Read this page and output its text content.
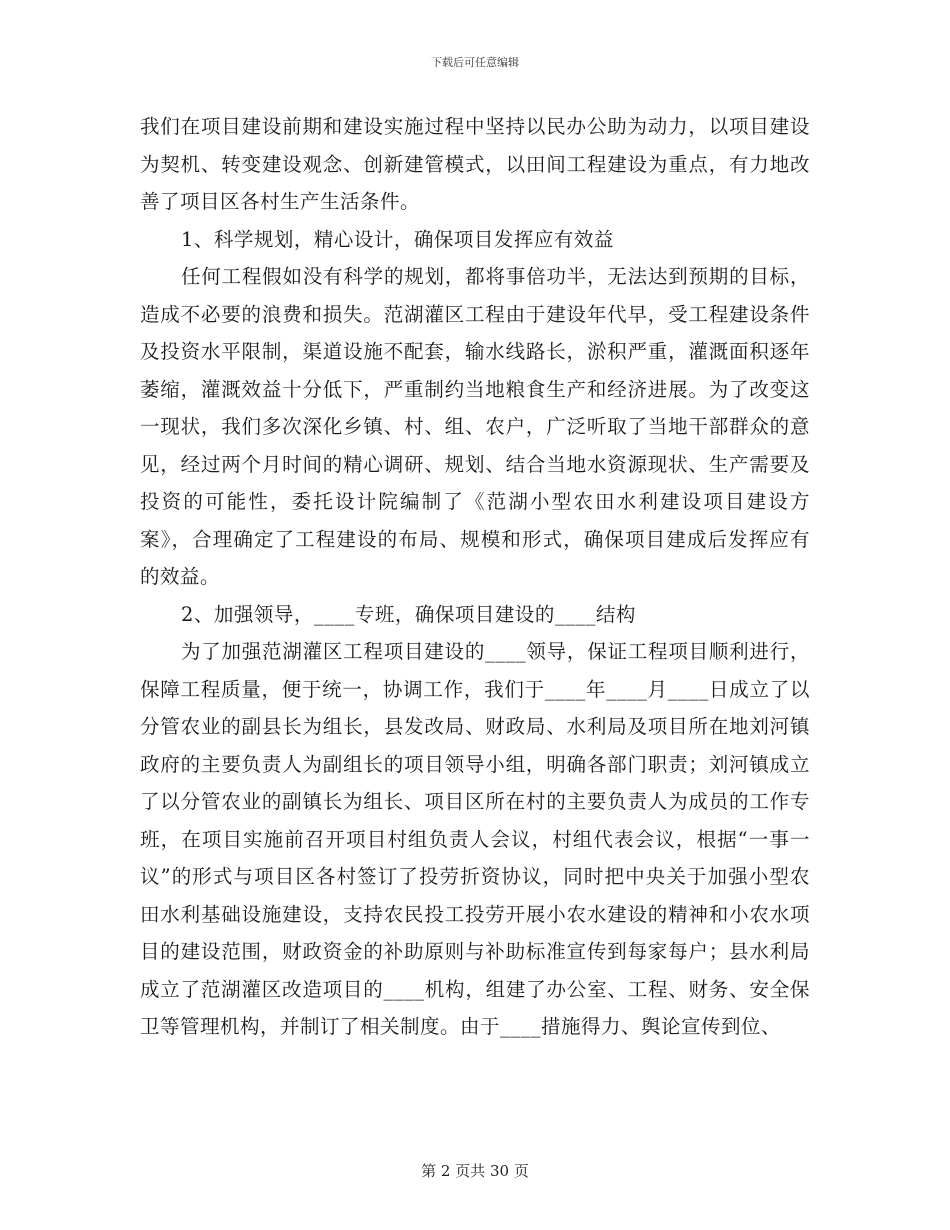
下载后可任意编辑

我们在项目建设前期和建设实施过程中坚持以民办公助为动力，以项目建设为契机、转变建设观念、创新建管模式，以田间工程建设为重点，有力地改善了项目区各村生产生活条件。

1、科学规划，精心设计，确保项目发挥应有效益

任何工程假如没有科学的规划，都将事倍功半，无法达到预期的目标，造成不必要的浪费和损失。范湖灌区工程由于建设年代早，受工程建设条件及投资水平限制，渠道设施不配套，输水线路长，淤积严重，灌溉面积逐年萎缩，灌溉效益十分低下，严重制约当地粮食生产和经济进展。为了改变这一现状，我们多次深化乡镇、村、组、农户，广泛听取了当地干部群众的意见，经过两个月时间的精心调研、规划、结合当地水资源现状、生产需要及投资的可能性，委托设计院编制了《范湖小型农田水利建设项目建设方案》，合理确定了工程建设的布局、规模和形式，确保项目建成后发挥应有的效益。

2、加强领导，____专班，确保项目建设的____结构

为了加强范湖灌区工程项目建设的____领导，保证工程项目顺利进行，保障工程质量，便于统一，协调工作，我们于____年____月____日成立了以分管农业的副县长为组长，县发改局、财政局、水利局及项目所在地刘河镇政府的主要负责人为副组长的项目领导小组，明确各部门职责；刘河镇成立了以分管农业的副镇长为组长、项目区所在村的主要负责人为成员的工作专班，在项目实施前召开项目村组负责人会议，村组代表会议，根据“一事一议”的形式与项目区各村签订了投劳折资协议，同时把中央关于加强小型农田水利基础设施建设，支持农民投工投劳开展小农水建设的精神和小农水项目的建设范围，财政资金的补助原则与补助标准宣传到每家每户；县水利局成立了范湖灌区改造项目的____机构，组建了办公室、工程、财务、安全保卫等管理机构，并制订了相关制度。由于____措施得力、舆论宣传到位、

第 2 页共 30 页
